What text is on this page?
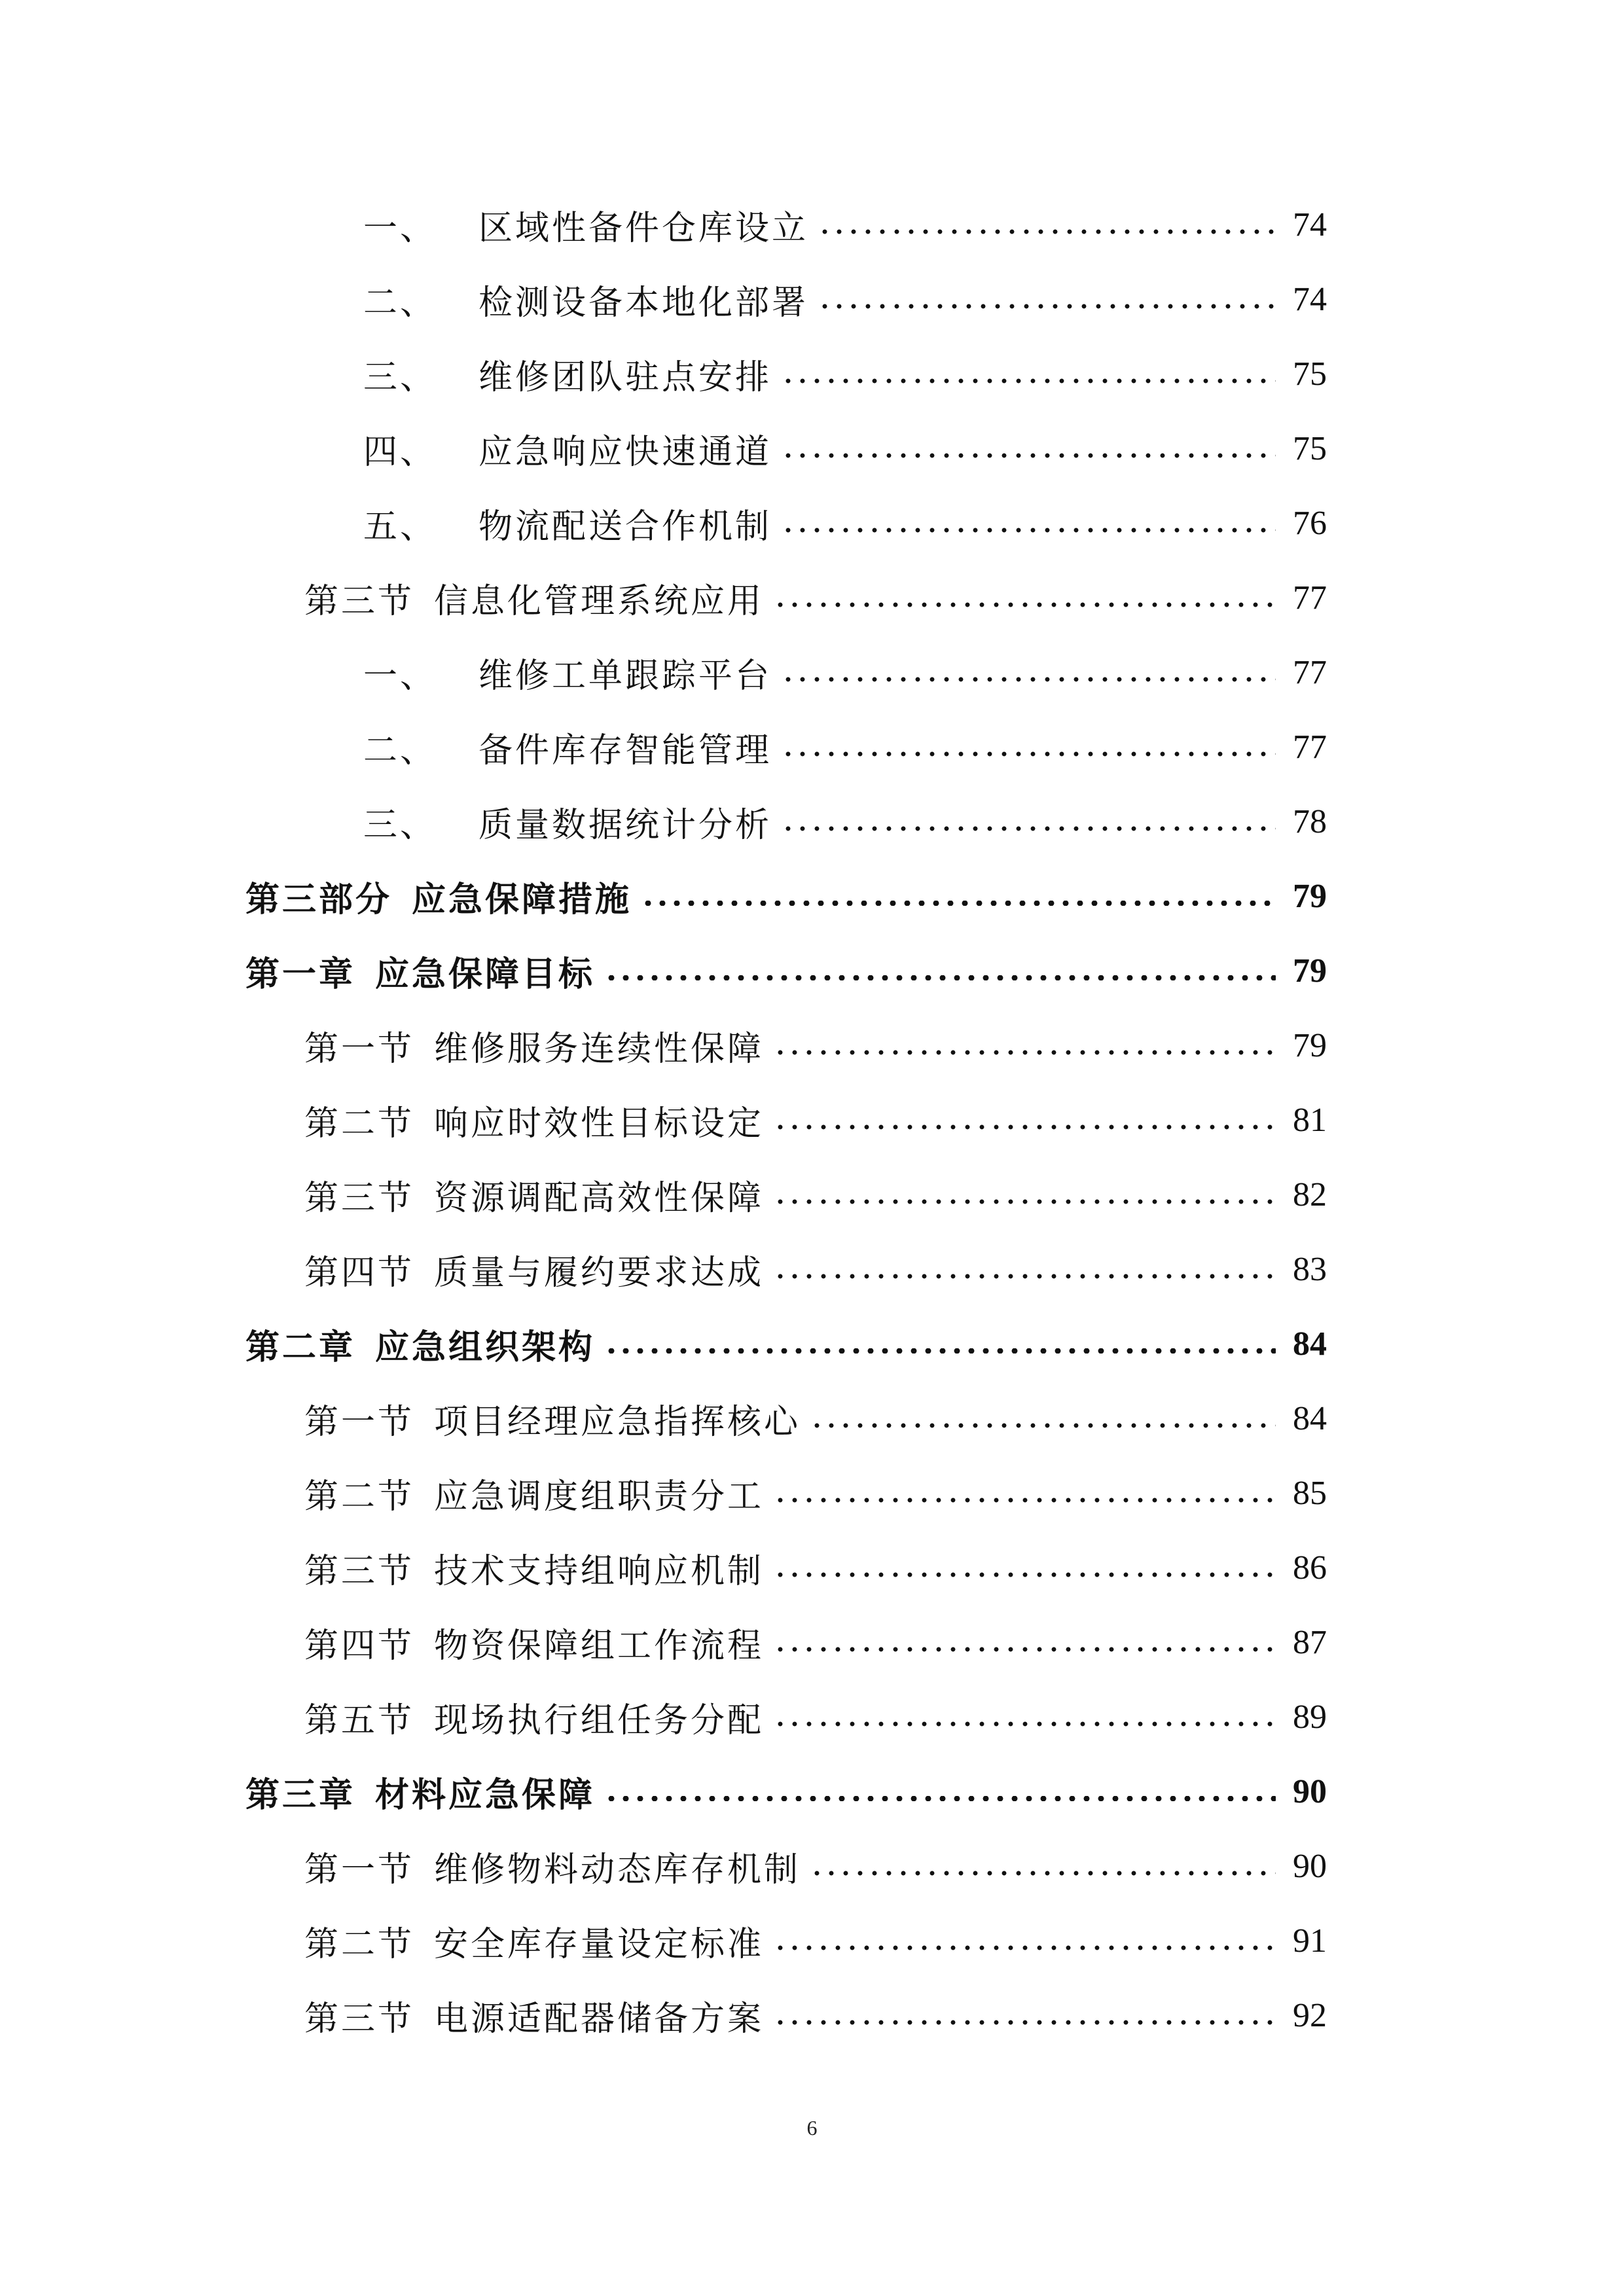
一、	区域性备件仓库设立	74
二、	检测设备本地化部署	74
三、	维修团队驻点安排	75
四、	应急响应快速通道	75
五、	物流配送合作机制	76
第三节 信息化管理系统应用	77
一、	维修工单跟踪平台	77
二、	备件库存智能管理	77
三、	质量数据统计分析	78
第三部分 应急保障措施	79
第一章 应急保障目标	79
第一节 维修服务连续性保障	79
第二节 响应时效性目标设定	81
第三节 资源调配高效性保障	82
第四节 质量与履约要求达成	83
第二章 应急组织架构	84
第一节 项目经理应急指挥核心	84
第二节 应急调度组职责分工	85
第三节 技术支持组响应机制	86
第四节 物资保障组工作流程	87
第五节 现场执行组任务分配	89
第三章 材料应急保障	90
第一节 维修物料动态库存机制	90
第二节 安全库存量设定标准	91
第三节 电源适配器储备方案	92
6
